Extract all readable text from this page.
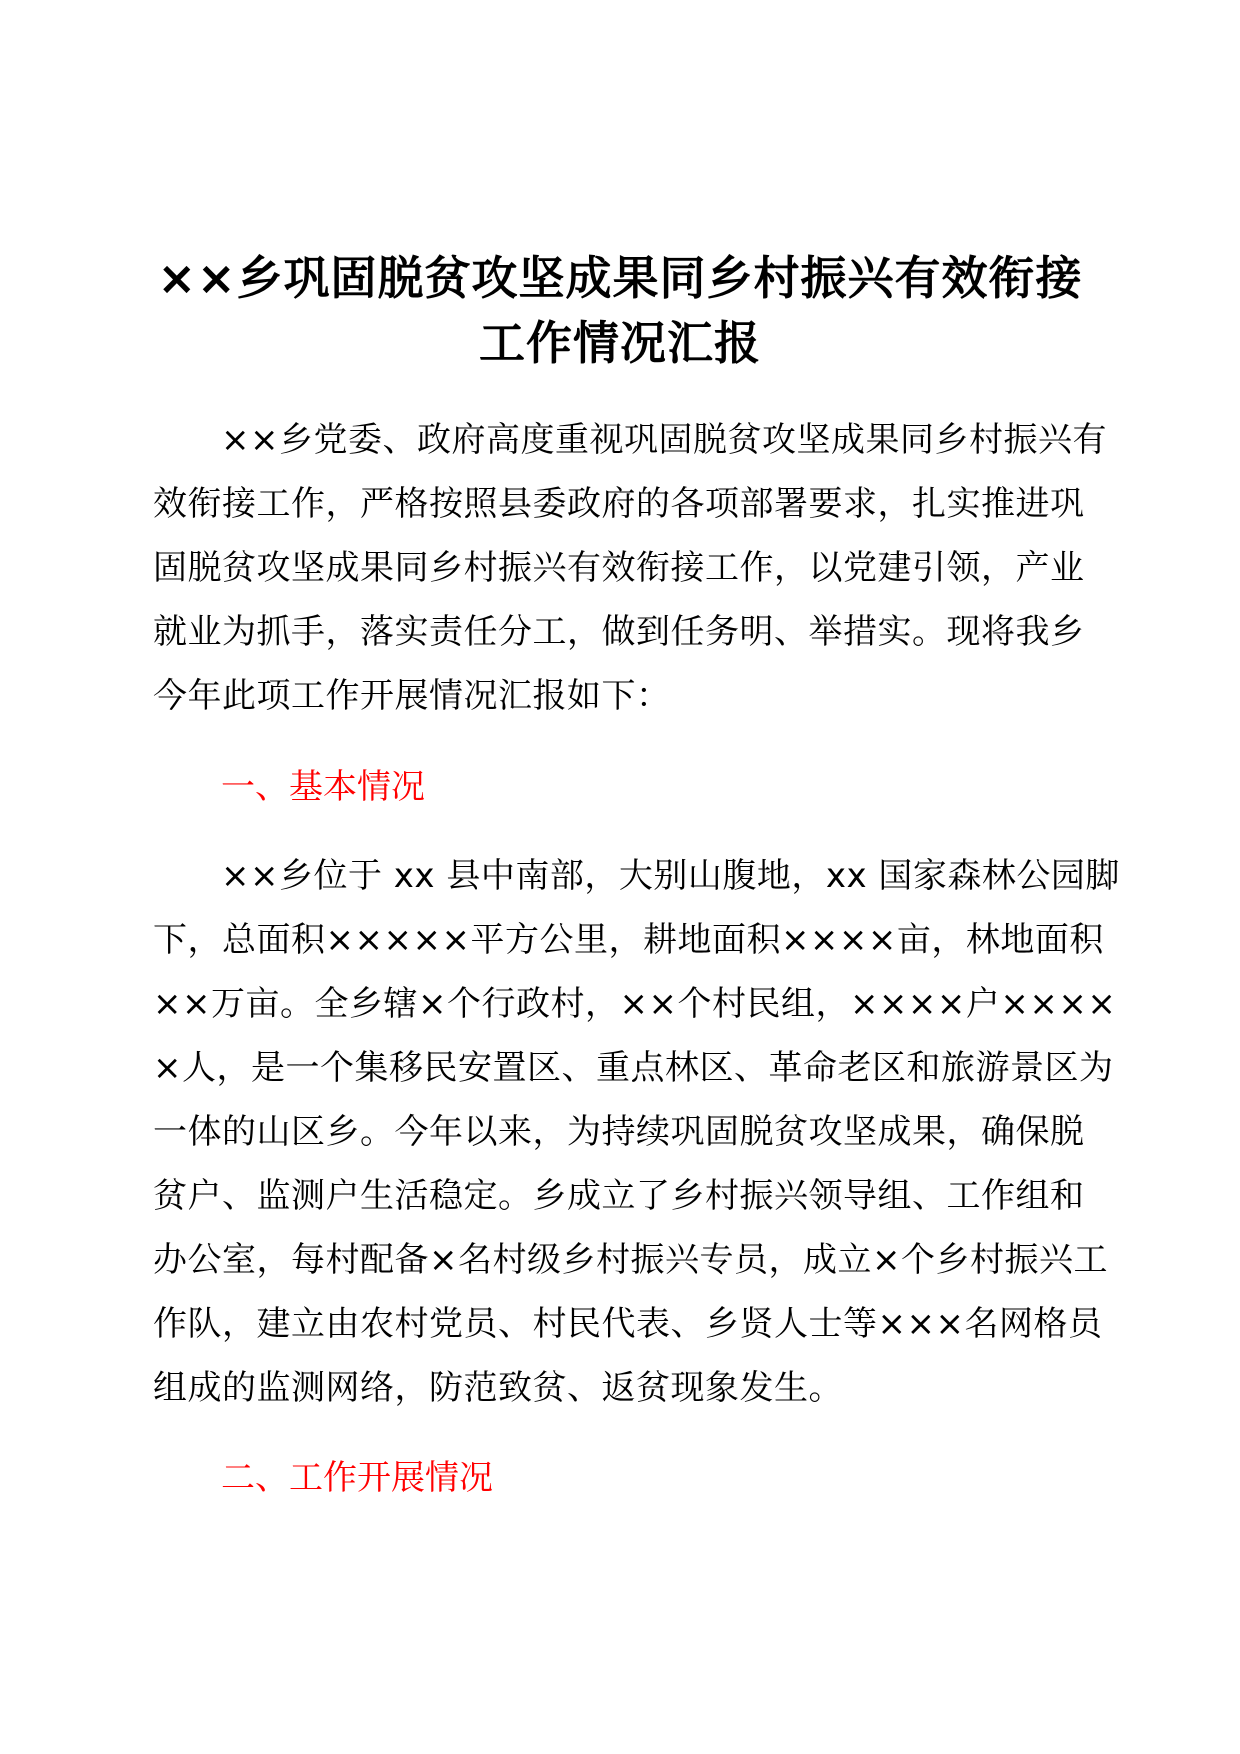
××乡巩固脱贫攻坚成果同乡村振兴有效衔接
工作情况汇报
××乡党委、政府高度重视巩固脱贫攻坚成果同乡村振兴有
效衔接工作，严格按照县委政府的各项部署要求，扎实推进巩
固脱贫攻坚成果同乡村振兴有效衔接工作，以党建引领，产业
就业为抓手，落实责任分工，做到任务明、举措实。现将我乡
今年此项工作开展情况汇报如下：
一、基本情况
××乡位于 xx 县中南部，大别山腹地，xx 国家森林公园脚
下，总面积×××××平方公里，耕地面积××××亩，林地面积
××万亩。全乡辖×个行政村，××个村民组，××××户××××
×人，是一个集移民安置区、重点林区、革命老区和旅游景区为
一体的山区乡。今年以来，为持续巩固脱贫攻坚成果，确保脱
贫户、监测户生活稳定。乡成立了乡村振兴领导组、工作组和
办公室，每村配备×名村级乡村振兴专员，成立×个乡村振兴工
作队，建立由农村党员、村民代表、乡贤人士等×××名网格员
组成的监测网络，防范致贫、返贫现象发生。
二、工作开展情况
